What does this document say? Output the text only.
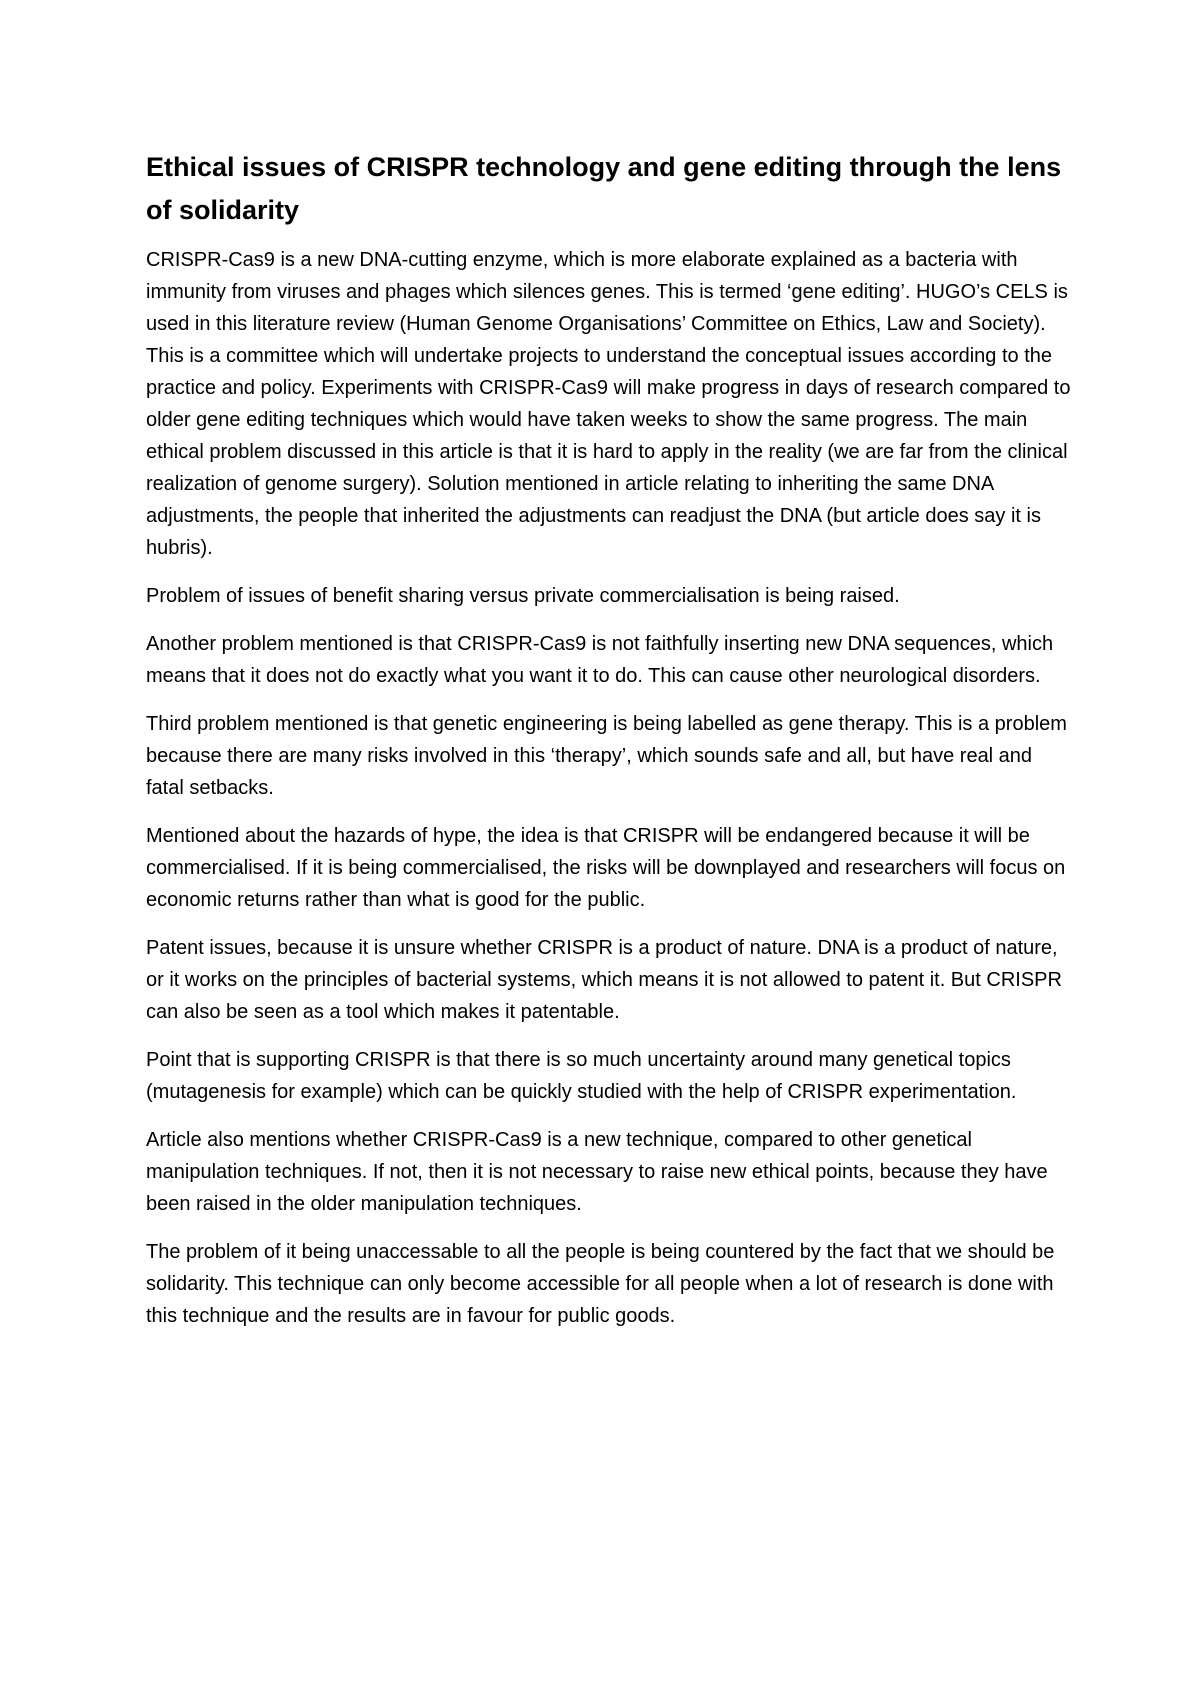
Ethical issues of CRISPR technology and gene editing through the lens of solidarity

CRISPR-Cas9 is a new DNA-cutting enzyme, which is more elaborate explained as a bacteria with immunity from viruses and phages which silences genes. This is termed ‘gene editing’. HUGO’s CELS is used in this literature review (Human Genome Organisations’ Committee on Ethics, Law and Society). This is a committee which will undertake projects to understand the conceptual issues according to the practice and policy. Experiments with CRISPR-Cas9 will make progress in days of research compared to older gene editing techniques which would have taken weeks to show the same progress. The main ethical problem discussed in this article is that it is hard to apply in the reality (we are far from the clinical realization of genome surgery). Solution mentioned in article relating to inheriting the same DNA adjustments, the people that inherited the adjustments can readjust the DNA (but article does say it is hubris).

Problem of issues of benefit sharing versus private commercialisation is being raised.

Another problem mentioned is that CRISPR-Cas9 is not faithfully inserting new DNA sequences, which means that it does not do exactly what you want it to do. This can cause other neurological disorders.

Third problem mentioned is that genetic engineering is being labelled as gene therapy. This is a problem because there are many risks involved in this ‘therapy’, which sounds safe and all, but have real and fatal setbacks.

Mentioned about the hazards of hype, the idea is that CRISPR will be endangered because it will be commercialised. If it is being commercialised, the risks will be downplayed and researchers will focus on economic returns rather than what is good for the public.

Patent issues, because it is unsure whether CRISPR is a product of nature. DNA is a product of nature, or it works on the principles of bacterial systems, which means it is not allowed to patent it. But CRISPR can also be seen as a tool which makes it patentable.

Point that is supporting CRISPR is that there is so much uncertainty around many genetical topics (mutagenesis for example) which can be quickly studied with the help of CRISPR experimentation.

Article also mentions whether CRISPR-Cas9 is a new technique, compared to other genetical manipulation techniques. If not, then it is not necessary to raise new ethical points, because they have been raised in the older manipulation techniques.

The problem of it being unaccessable to all the people is being countered by the fact that we should be solidarity. This technique can only become accessible for all people when a lot of research is done with this technique and the results are in favour for public goods.
